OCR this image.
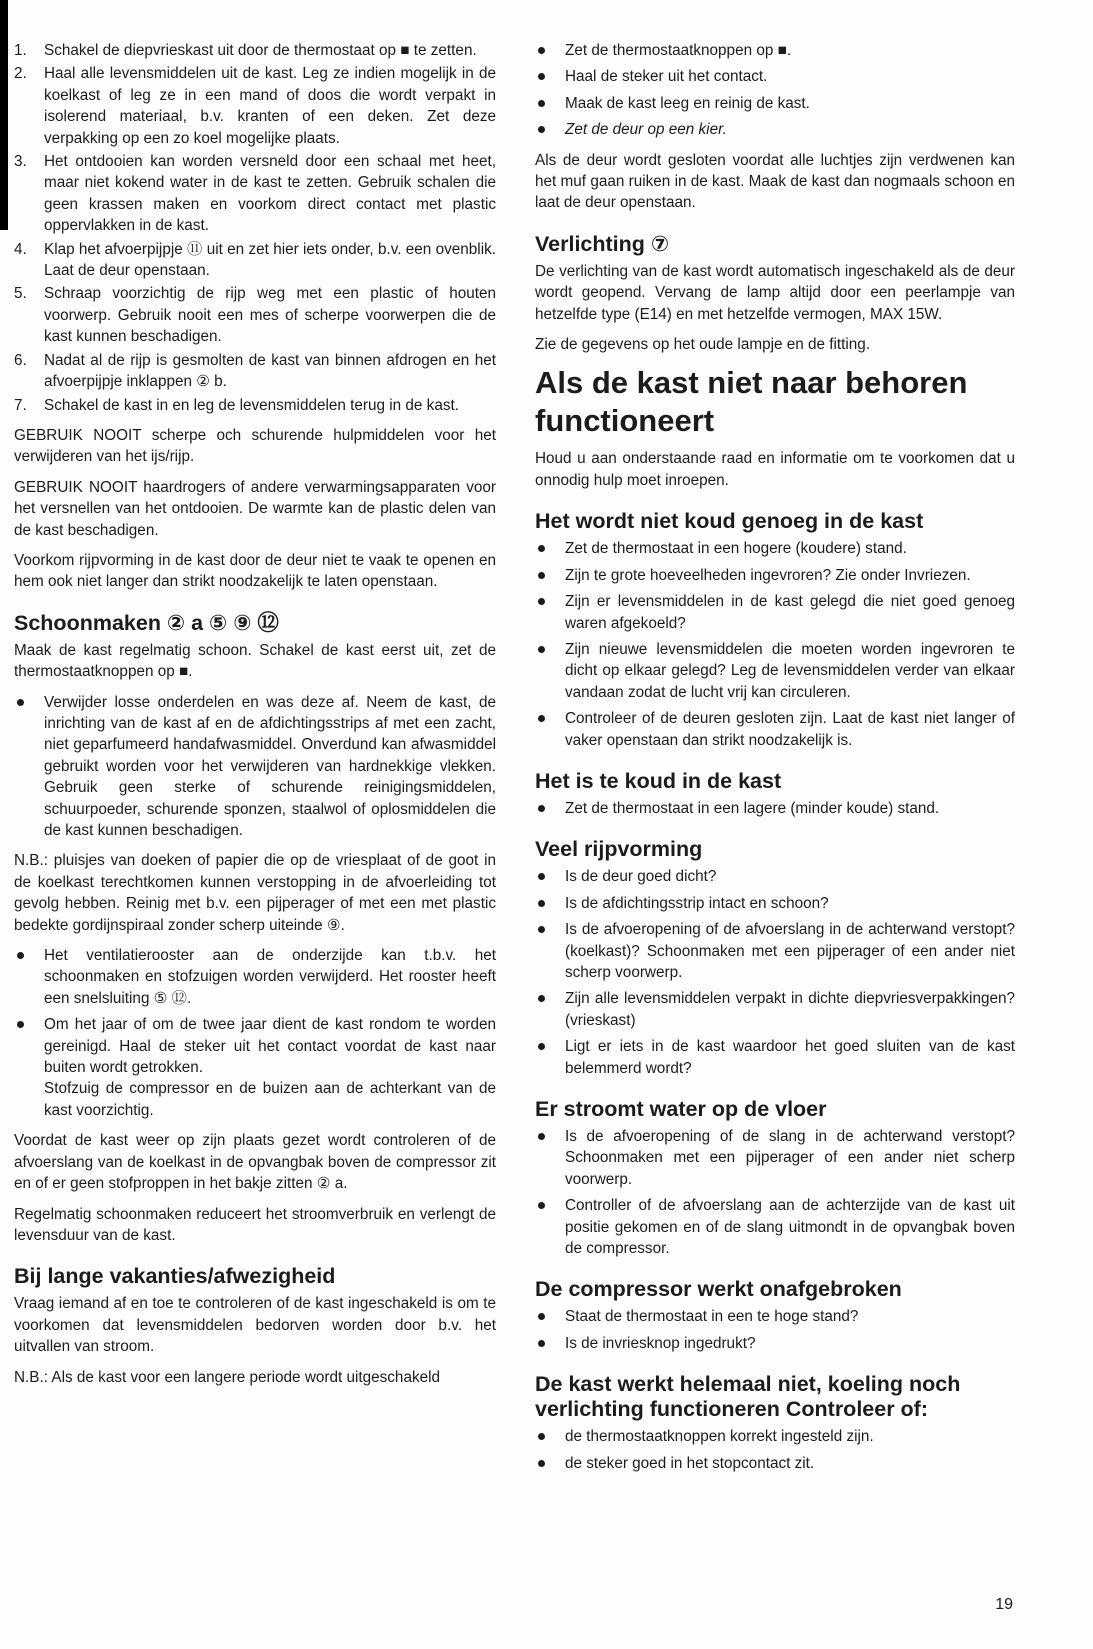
1. Schakel de diepvrieskast uit door de thermostaat op ■ te zetten.
2. Haal alle levensmiddelen uit de kast. Leg ze indien mogelijk in de koelkast of leg ze in een mand of doos die wordt verpakt in isolerend materiaal, b.v. kranten of een deken. Zet deze verpakking op een zo koel mogelijke plaats.
3. Het ontdooien kan worden versneld door een schaal met heet, maar niet kokend water in de kast te zetten. Gebruik schalen die geen krassen maken en voorkom direct contact met plastic oppervlakken in de kast.
4. Klap het afvoerpijpje ⑪ uit en zet hier iets onder, b.v. een ovenblik. Laat de deur openstaan.
5. Schraap voorzichtig de rijp weg met een plastic of houten voorwerp. Gebruik nooit een mes of scherpe voorwerpen die de kast kunnen beschadigen.
6. Nadat al de rijp is gesmolten de kast van binnen afdrogen en het afvoerpijpje inklappen ② b.
7. Schakel de kast in en leg de levensmiddelen terug in de kast.

GEBRUIK NOOIT scherpe och schurende hulpmiddelen voor het verwijderen van het ijs/rijp.

GEBRUIK NOOIT haardrogers of andere verwarmingsapparaten voor het versnellen van het ontdooien. De warmte kan de plastic delen van de kast beschadigen.

Voorkom rijpvorming in de kast door de deur niet te vaak te openen en hem ook niet langer dan strikt noodzakelijk te laten openstaan.

Schoonmaken ② a ⑤ ⑨ ⑫

Maak de kast regelmatig schoon. Schakel de kast eerst uit, zet de thermostaatknoppen op ■.

Verwijder losse onderdelen en was deze af. Neem de kast, de inrichting van de kast af en de afdichtingsstrips af met een zacht, niet geparfumeerd handafwasmiddel. Onverdund kan afwasmiddel gebruikt worden voor het verwijderen van hardnekkige vlekken. Gebruik geen sterke of schurende reinigingsmiddelen, schuurpoeder, schurende sponzen, staalwol of oplosmiddelen die de kast kunnen beschadigen.

N.B.: pluisjes van doeken of papier die op de vriesplaat of de goot in de koelkast terechtkomen kunnen verstopping in de afvoerleiding tot gevolg hebben. Reinig met b.v. een pijperager of met een met plastic bedekte gordijnspiraal zonder scherp uiteinde ⑨.

Het ventilatierooster aan de onderzijde kan t.b.v. het schoonmaken en stofzuigen worden verwijderd. Het rooster heeft een snelsluiting ⑤ ⑫.
Om het jaar of om de twee jaar dient de kast rondom te worden gereinigd. Haal de steker uit het contact voordat de kast naar buiten wordt getrokken.
Stofzuig de compressor en de buizen aan de achterkant van de kast voorzichtig.

Voordat de kast weer op zijn plaats gezet wordt controleren of de afvoerslang van de koelkast in de opvangbak boven de compressor zit en of er geen stofproppen in het bakje zitten ② a.

Regelmatig schoonmaken reduceert het stroomverbruik en verlengt de levensduur van de kast.

Bij lange vakanties/afwezigheid

Vraag iemand af en toe te controleren of de kast ingeschakeld is om te voorkomen dat levensmiddelen bedorven worden door b.v. het uitvallen van stroom.

N.B.: Als de kast voor een langere periode wordt uitgeschakeld

Zet de thermostaatknoppen op ■.
Haal de steker uit het contact.
Maak de kast leeg en reinig de kast.
Zet de deur op een kier.

Als de deur wordt gesloten voordat alle luchtjes zijn verdwenen kan het muf gaan ruiken in de kast. Maak de kast dan nogmaals schoon en laat de deur openstaan.

Verlichting ⑦

De verlichting van de kast wordt automatisch ingeschakeld als de deur wordt geopend. Vervang de lamp altijd door een peerlampje van hetzelfde type (E14) en met hetzelfde vermogen, MAX 15W.

Zie de gegevens op het oude lampje en de fitting.

Als de kast niet naar behoren functioneert

Houd u aan onderstaande raad en informatie om te voorkomen dat u onnodig hulp moet inroepen.

Het wordt niet koud genoeg in de kast
Zet de thermostaat in een hogere (koudere) stand.
Zijn te grote hoeveelheden ingevroren? Zie onder Invriezen.
Zijn er levensmiddelen in de kast gelegd die niet goed genoeg waren afgekoeld?
Zijn nieuwe levensmiddelen die moeten worden ingevroren te dicht op elkaar gelegd? Leg de levensmiddelen verder van elkaar vandaan zodat de lucht vrij kan circuleren.
Controleer of de deuren gesloten zijn. Laat de kast niet langer of vaker openstaan dan strikt noodzakelijk is.
Het is te koud in de kast
Zet de thermostaat in een lagere (minder koude) stand.
Veel rijpvorming
Is de deur goed dicht?
Is de afdichtingsstrip intact en schoon?
Is de afvoeropening of de afvoerslang in de achterwand verstopt? (koelkast)? Schoonmaken met een pijperager of een ander niet scherp voorwerp.
Zijn alle levensmiddelen verpakt in dichte diepvriesverpakkingen? (vrieskast)
Ligt er iets in de kast waardoor het goed sluiten van de kast belemmerd wordt?
Er stroomt water op de vloer
Is de afvoeropening of de slang in de achterwand verstopt? Schoonmaken met een pijperager of een ander niet scherp voorwerp.
Controller of de afvoerslang aan de achterzijde van de kast uit positie gekomen en of de slang uitmondt in de opvangbak boven de compressor.
De compressor werkt onafgebroken
Staat de thermostaat in een te hoge stand?
Is de invriesknop ingedrukt?
De kast werkt helemaal niet, koeling noch verlichting functioneren Controleer of:
de thermostaatknoppen korrekt ingesteld zijn.
de steker goed in het stopcontact zit.
19
